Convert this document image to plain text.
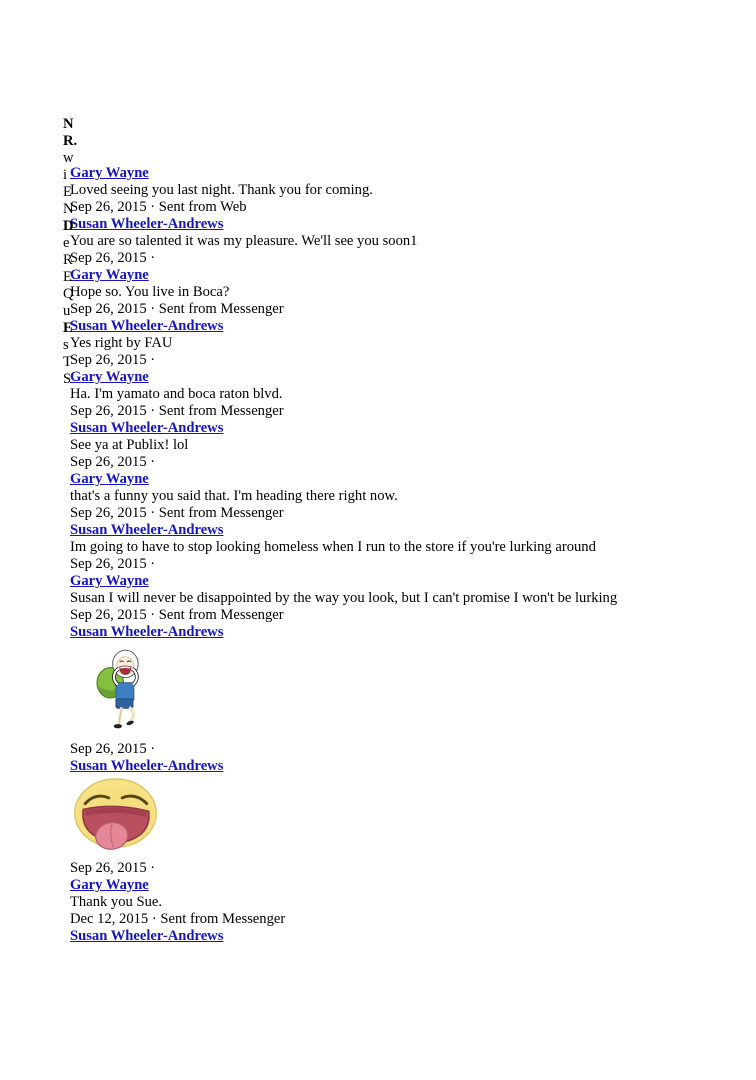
N
R.
w
i
E
N
D
e
R
E
Q
u
E
s
T
S
Gary Wayne
Loved seeing you last night. Thank you for coming.
Sep 26, 2015 · Sent from Web
Susan Wheeler-Andrews
You are so talented it was my pleasure. We'll see you soon1
Sep 26, 2015 ·
Gary Wayne
Hope so. You live in Boca?
Sep 26, 2015 · Sent from Messenger
Susan Wheeler-Andrews
Yes right by FAU
Sep 26, 2015 ·
Gary Wayne
Ha. I'm yamato and boca raton blvd.
Sep 26, 2015 · Sent from Messenger
Susan Wheeler-Andrews
See ya at Publix! lol
Sep 26, 2015 ·
Gary Wayne
that's a funny you said that. I'm heading there right now.
Sep 26, 2015 · Sent from Messenger
Susan Wheeler-Andrews
Im going to have to stop looking homeless when I run to the store if you're lurking around
Sep 26, 2015 ·
Gary Wayne
Susan I will never be disappointed by the way you look, but I can't promise I won't be lurking
Sep 26, 2015 · Sent from Messenger
Susan Wheeler-Andrews
Sep 26, 2015 ·
Susan Wheeler-Andrews
Sep 26, 2015 ·
Gary Wayne
Thank you Sue.
Dec 12, 2015 · Sent from Messenger
Susan Wheeler-Andrews
